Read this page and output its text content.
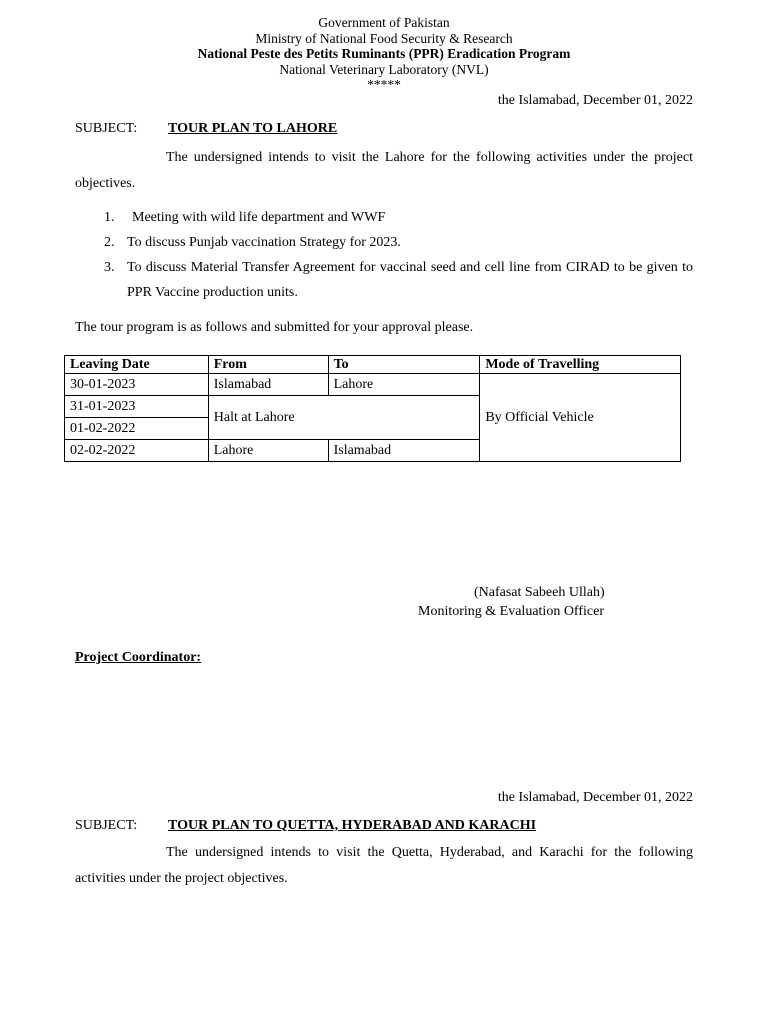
Government of Pakistan
Ministry of National Food Security & Research
National Peste des Petits Ruminants (PPR) Eradication Program
National Veterinary Laboratory (NVL)
*****
the Islamabad, December 01, 2022
SUBJECT: TOUR PLAN TO LAHORE
The undersigned intends to visit the Lahore for the following activities under the project objectives.
1. Meeting with wild life department and WWF
2. To discuss Punjab vaccination Strategy for 2023.
3. To discuss Material Transfer Agreement for vaccinal seed and cell line from CIRAD to be given to PPR Vaccine production units.
The tour program is as follows and submitted for your approval please.
Leaving Date	From	To	Mode of Travelling
30-01-2023	Islamabad	Lahore	By Official Vehicle
31-01-2023	Halt at Lahore		
01-02-2022			
02-02-2022	Lahore	Islamabad	
(Nafasat Sabeeh Ullah)
Monitoring & Evaluation Officer
Project Coordinator:
the Islamabad, December 01, 2022
SUBJECT: TOUR PLAN TO QUETTA, HYDERABAD AND KARACHI
The undersigned intends to visit the Quetta, Hyderabad, and Karachi for the following activities under the project objectives.
